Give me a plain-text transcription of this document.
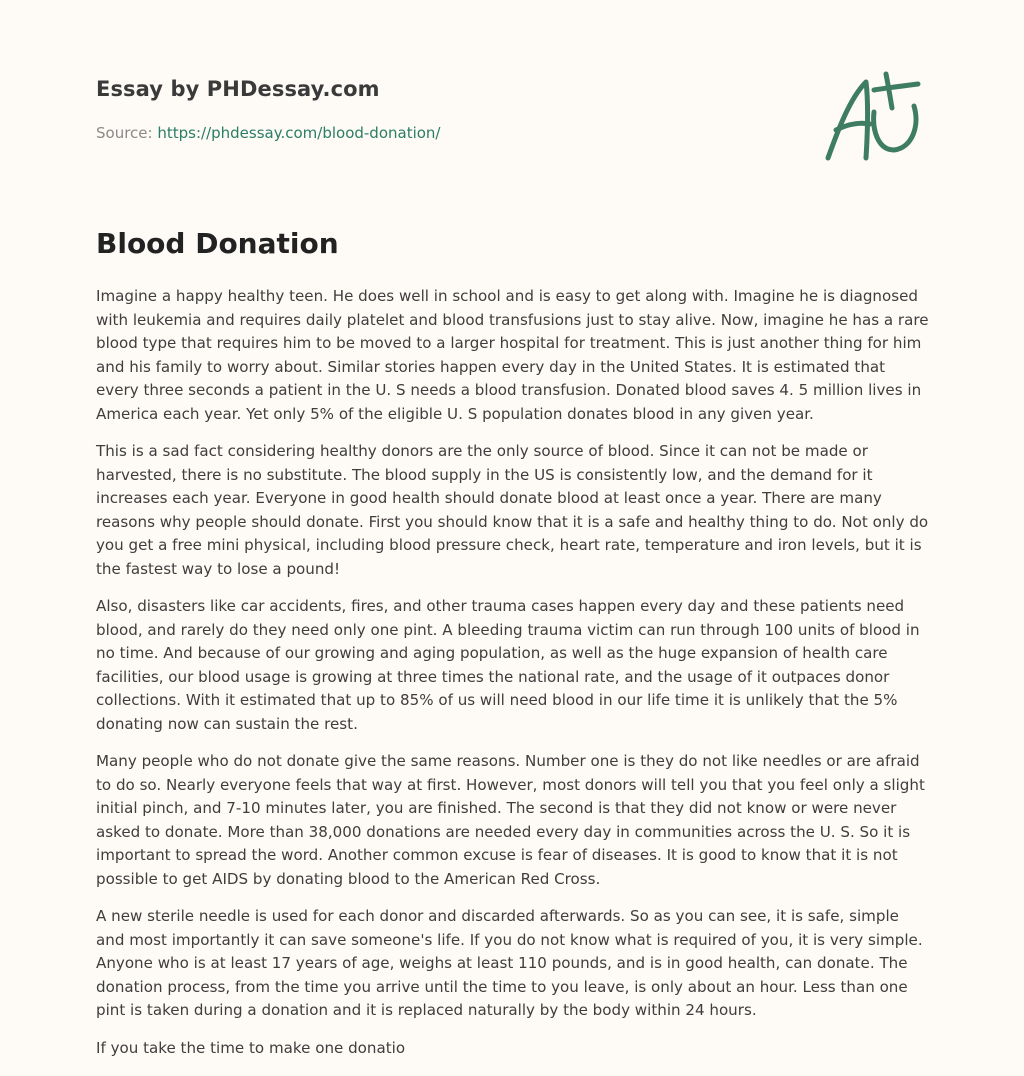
Essay by PHDessay.com
Source: https://phdessay.com/blood-donation/
Blood Donation

Imagine a happy healthy teen. He does well in school and is easy to get along with. Imagine he is diagnosed with leukemia and requires daily platelet and blood transfusions just to stay alive. Now, imagine he has a rare blood type that requires him to be moved to a larger hospital for treatment. This is just another thing for him and his family to worry about. Similar stories happen every day in the United States. It is estimated that every three seconds a patient in the U. S needs a blood transfusion. Donated blood saves 4. 5 million lives in America each year. Yet only 5% of the eligible U. S population donates blood in any given year.

This is a sad fact considering healthy donors are the only source of blood. Since it can not be made or harvested, there is no substitute. The blood supply in the US is consistently low, and the demand for it increases each year. Everyone in good health should donate blood at least once a year. There are many reasons why people should donate. First you should know that it is a safe and healthy thing to do. Not only do you get a free mini physical, including blood pressure check, heart rate, temperature and iron levels, but it is the fastest way to lose a pound!

Also, disasters like car accidents, fires, and other trauma cases happen every day and these patients need blood, and rarely do they need only one pint. A bleeding trauma victim can run through 100 units of blood in no time. And because of our growing and aging population, as well as the huge expansion of health care facilities, our blood usage is growing at three times the national rate, and the usage of it outpaces donor collections. With it estimated that up to 85% of us will need blood in our life time it is unlikely that the 5% donating now can sustain the rest.

Many people who do not donate give the same reasons. Number one is they do not like needles or are afraid to do so. Nearly everyone feels that way at first. However, most donors will tell you that you feel only a slight initial pinch, and 7-10 minutes later, you are finished. The second is that they did not know or were never asked to donate. More than 38,000 donations are needed every day in communities across the U. S. So it is important to spread the word. Another common excuse is fear of diseases. It is good to know that it is not possible to get AIDS by donating blood to the American Red Cross.

A new sterile needle is used for each donor and discarded afterwards. So as you can see, it is safe, simple and most importantly it can save someone's life. If you do not know what is required of you, it is very simple. Anyone who is at least 17 years of age, weighs at least 110 pounds, and is in good health, can donate. The donation process, from the time you arrive until the time to you leave, is only about an hour. Less than one pint is taken during a donation and it is replaced naturally by the body within 24 hours.

If you take the time to make one donatio
